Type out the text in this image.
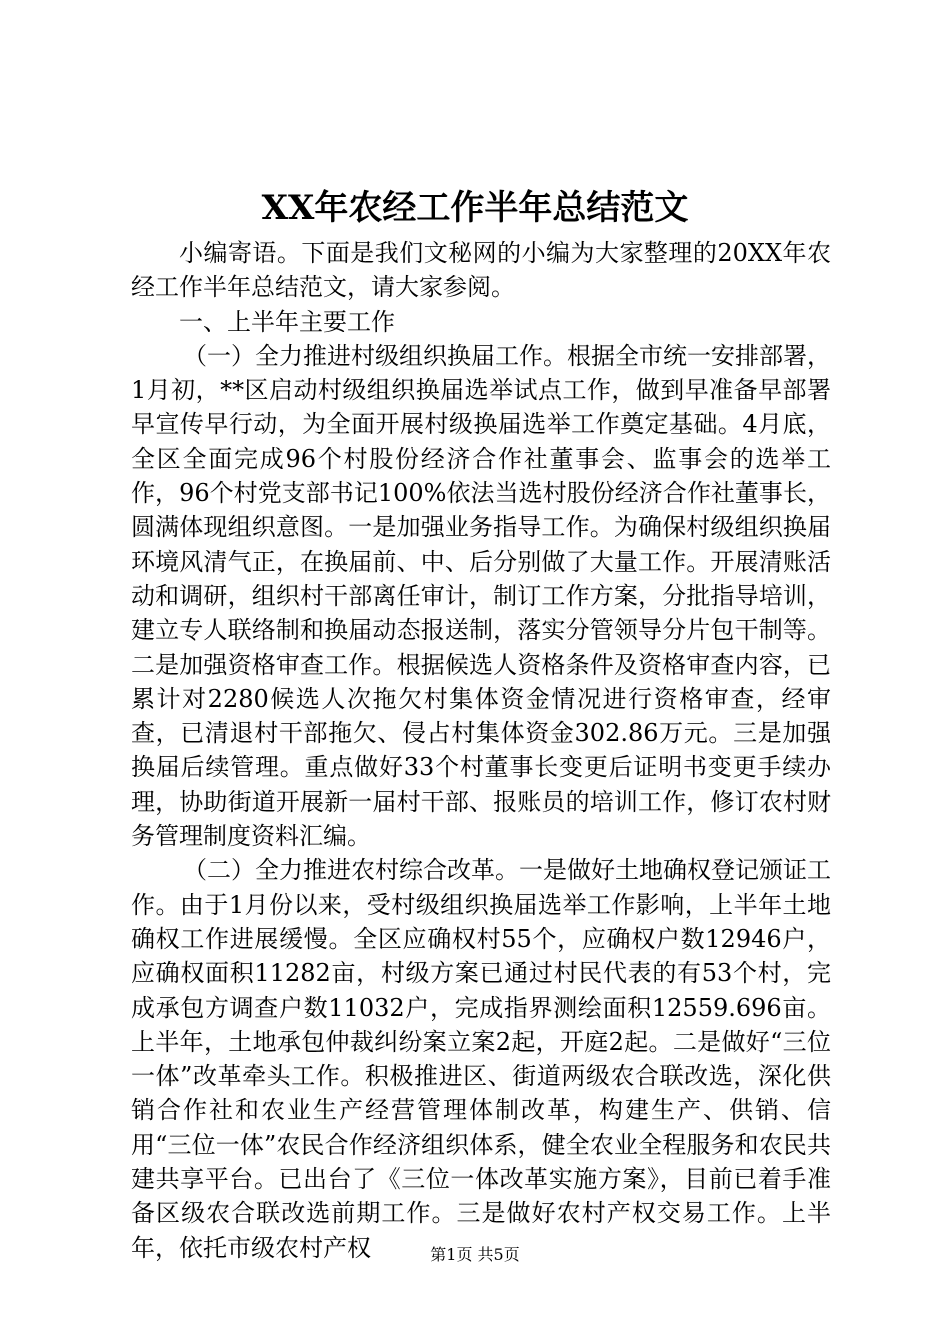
XX年农经工作半年总结范文

小编寄语。下面是我们文秘网的小编为大家整理的20XX年农经工作半年总结范文，请大家参阅。

一、上半年主要工作

（一）全力推进村级组织换届工作。根据全市统一安排部署，1月初，**区启动村级组织换届选举试点工作，做到早准备早部署早宣传早行动，为全面开展村级换届选举工作奠定基础。4月底，全区全面完成96个村股份经济合作社董事会、监事会的选举工作，96个村党支部书记100%依法当选村股份经济合作社董事长，圆满体现组织意图。一是加强业务指导工作。为确保村级组织换届环境风清气正，在换届前、中、后分别做了大量工作。开展清账活动和调研，组织村干部离任审计，制订工作方案，分批指导培训，建立专人联络制和换届动态报送制，落实分管领导分片包干制等。二是加强资格审查工作。根据候选人资格条件及资格审查内容，已累计对2280候选人次拖欠村集体资金情况进行资格审查，经审查，已清退村干部拖欠、侵占村集体资金302.86万元。三是加强换届后续管理。重点做好33个村董事长变更后证明书变更手续办理，协助街道开展新一届村干部、报账员的培训工作，修订农村财务管理制度资料汇编。

（二）全力推进农村综合改革。一是做好土地确权登记颁证工作。由于1月份以来，受村级组织换届选举工作影响，上半年土地确权工作进展缓慢。全区应确权村55个，应确权户数12946户，应确权面积11282亩，村级方案已通过村民代表的有53个村，完成承包方调查户数11032户，完成指界测绘面积12559.696亩。上半年，土地承包仲裁纠纷案立案2起，开庭2起。二是做好“三位一体”改革牵头工作。积极推进区、街道两级农合联改选，深化供销合作社和农业生产经营管理体制改革，构建生产、供销、信用“三位一体”农民合作经济组织体系，健全农业全程服务和农民共建共享平台。已出台了《三位一体改革实施方案》，目前已着手准备区级农合联改选前期工作。三是做好农村产权交易工作。上半年，依托市级农村产权	第1页 共5页
